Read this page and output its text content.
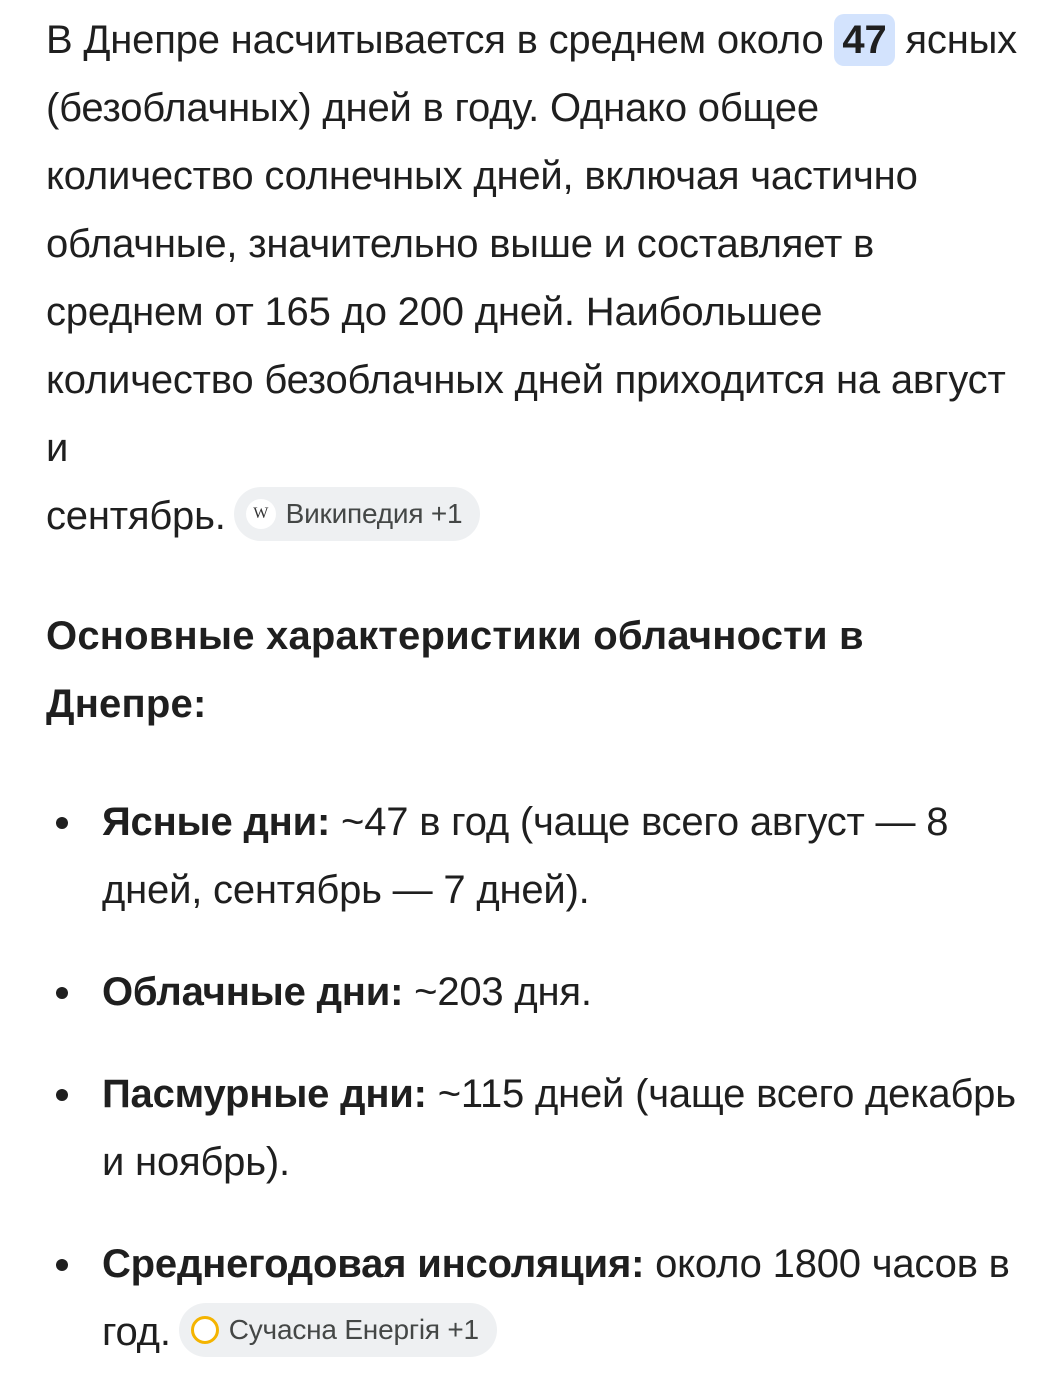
В Днепре насчитывается в среднем около 47 ясных (безоблачных) дней в году. Однако общее количество солнечных дней, включая частично облачные, значительно выше и составляет в среднем от 165 до 200 дней. Наибольшее количество безоблачных дней приходится на август и
сентябрь.	W Википедия +1

Основные характеристики облачности в Днепре:
Ясные дни: ~47 в год (чаще всего август — 8 дней, сентябрь — 7 дней).
Облачные дни: ~203 дня.
Пасмурные дни: ~115 дней (чаще всего декабрь и ноябрь).
Среднегодовая инсоляция: около 1800 часов в год. Сучасна Енергія +1
